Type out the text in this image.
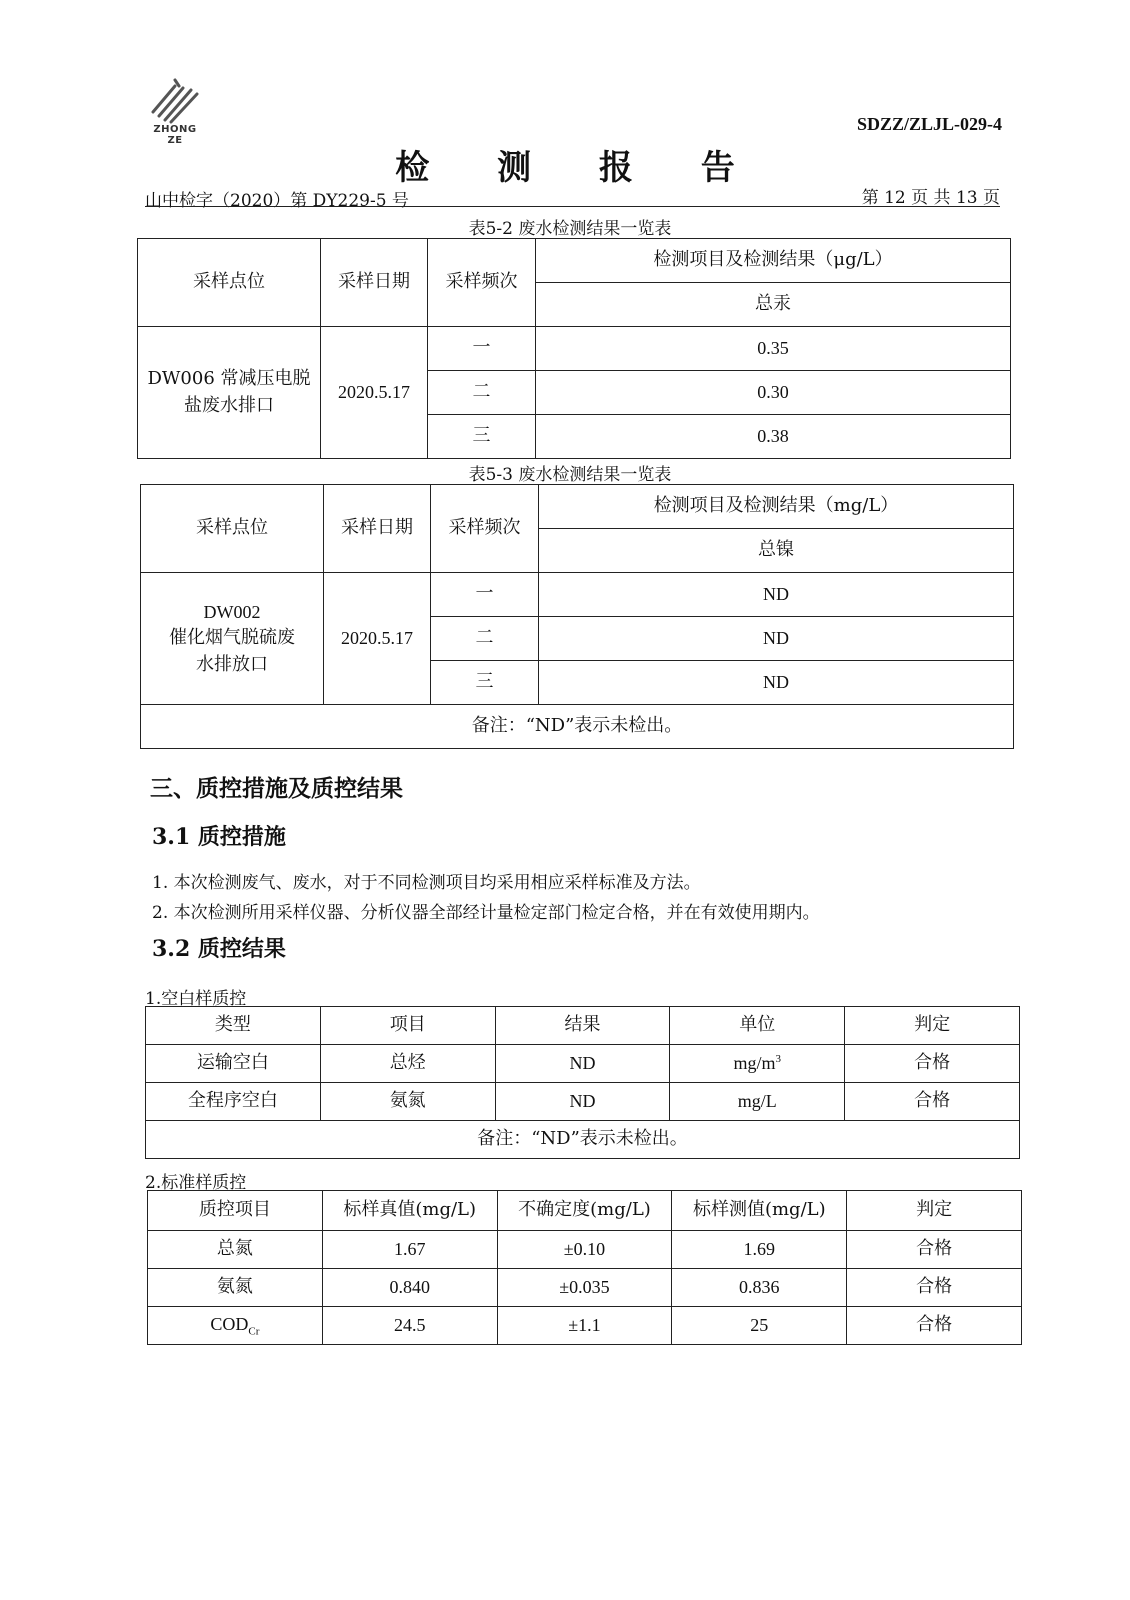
ZHONG ZE
SDZZ/ZLJL-029-4
检 测 报 告
山中检字（2020）第 DY229-5 号	第 12 页 共 13 页
表5-2 废水检测结果一览表
采样点位	采样日期	采样频次	检测项目及检测结果（μg/L）
			总汞
DW006 常减压电脱盐废水排口	2020.5.17	一	0.35
		二	0.30
		三	0.38
表5-3 废水检测结果一览表
采样点位	采样日期	采样频次	检测项目及检测结果（mg/L）
			总镍

DW002
催化烟气脱硫废
水排放口	2020.5.17	一	ND
		二	ND
		三	ND
备注：“ND”表示未检出。			
三、质控措施及质控结果
3.1 质控措施
1. 本次检测废气、废水，对于不同检测项目均采用相应采样标准及方法。
2. 本次检测所用采样仪器、分析仪器全部经计量检定部门检定合格，并在有效使用期内。
3.2 质控结果
1.空白样质控
类型	项目	结果	单位	判定
运输空白	总烃	ND	$mg/m^3$	合格
全程序空白	氨氮	ND	mg/L	合格
备注：“ND”表示未检出。				
2.标准样质控
质控项目	标样真值(mg/L)	不确定度(mg/L)	标样测值(mg/L)	判定
总氮	1.67	±0.10	1.69	合格
氨氮	0.840	±0.035	0.836	合格
$COD_{Cr}$	24.5	±1.1	25	合格
